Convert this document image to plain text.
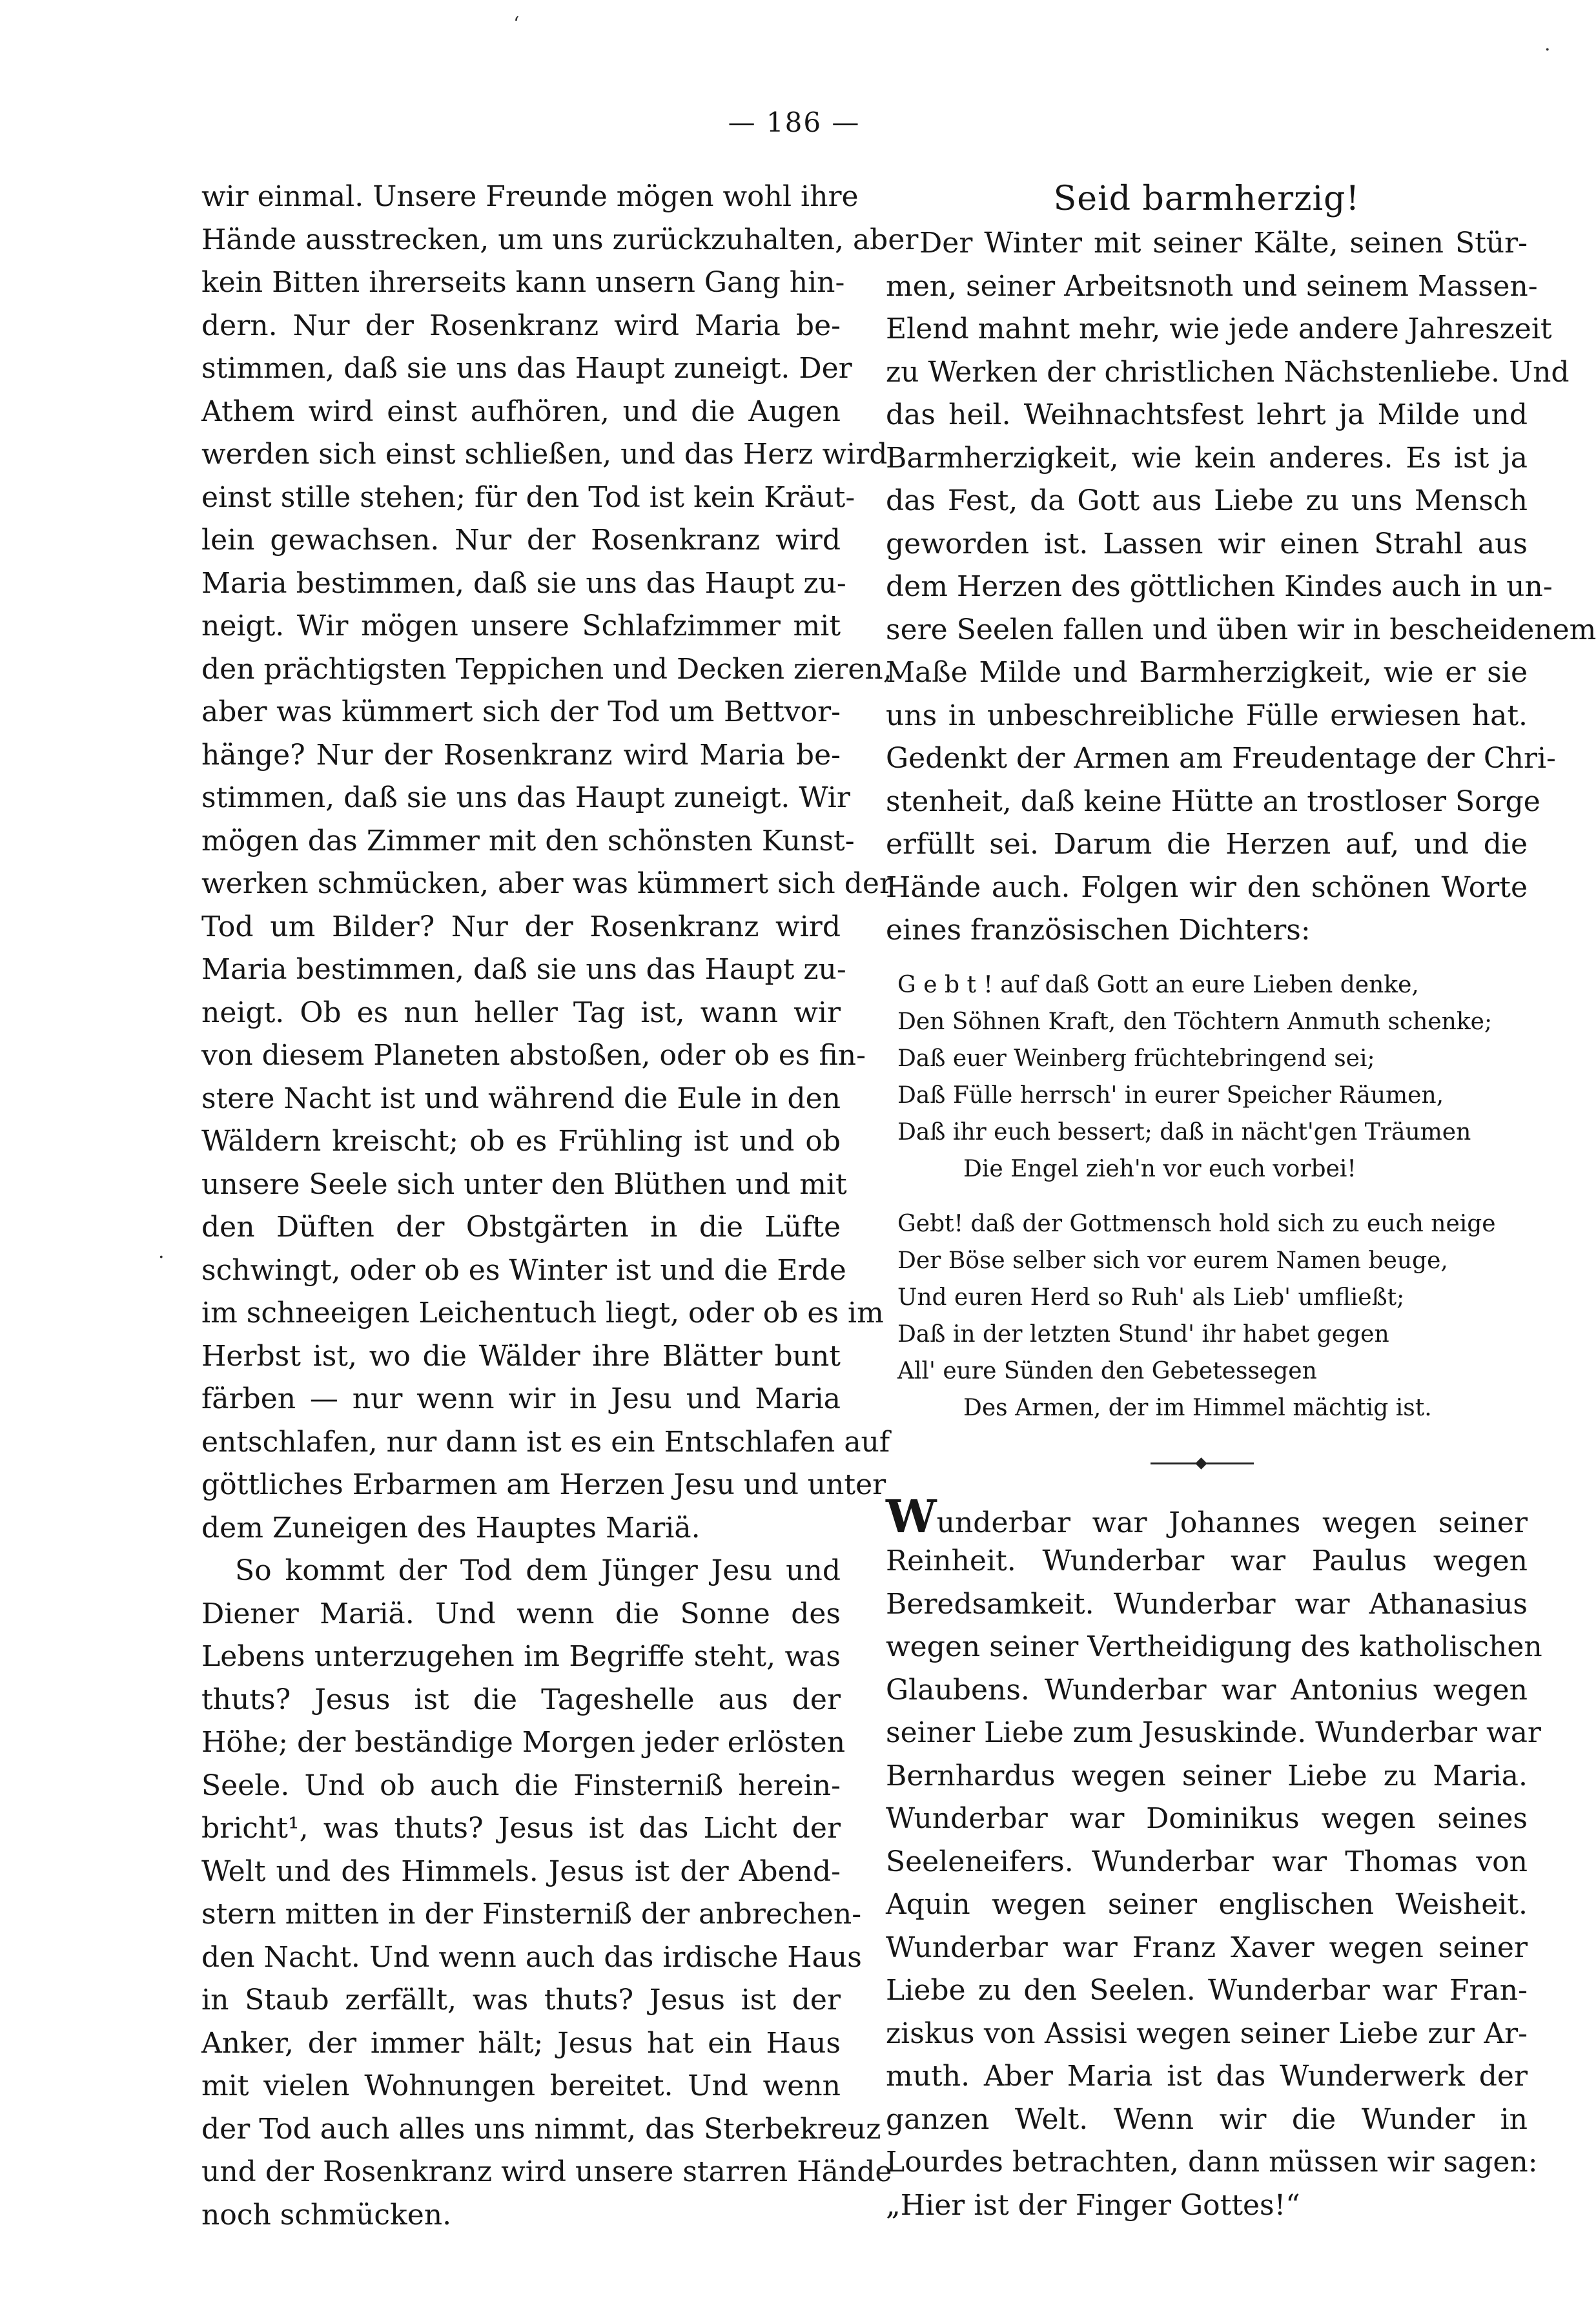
— 186 —
‘
·
·
wir einmal. Unsere Freunde mögen wohl ihre
Hände ausstrecken, um uns zurückzuhalten, aber
kein Bitten ihrerseits kann unsern Gang hin-
dern. Nur der Rosenkranz wird Maria be-
stimmen, daß sie uns das Haupt zuneigt. Der
Athem wird einst aufhören, und die Augen
werden sich einst schließen, und das Herz wird
einst stille stehen; für den Tod ist kein Kräut-
lein gewachsen. Nur der Rosenkranz wird
Maria bestimmen, daß sie uns das Haupt zu-
neigt. Wir mögen unsere Schlafzimmer mit
den prächtigsten Teppichen und Decken zieren,
aber was kümmert sich der Tod um Bettvor-
hänge? Nur der Rosenkranz wird Maria be-
stimmen, daß sie uns das Haupt zuneigt. Wir
mögen das Zimmer mit den schönsten Kunst-
werken schmücken, aber was kümmert sich der
Tod um Bilder? Nur der Rosenkranz wird
Maria bestimmen, daß sie uns das Haupt zu-
neigt. Ob es nun heller Tag ist, wann wir
von diesem Planeten abstoßen, oder ob es fin-
stere Nacht ist und während die Eule in den
Wäldern kreischt; ob es Frühling ist und ob
unsere Seele sich unter den Blüthen und mit
den Düften der Obstgärten in die Lüfte
schwingt, oder ob es Winter ist und die Erde
im schneeigen Leichentuch liegt, oder ob es im
Herbst ist, wo die Wälder ihre Blätter bunt
färben — nur wenn wir in Jesu und Maria
entschlafen, nur dann ist es ein Entschlafen auf
göttliches Erbarmen am Herzen Jesu und unter
dem Zuneigen des Hauptes Mariä.
So kommt der Tod dem Jünger Jesu und
Diener Mariä. Und wenn die Sonne des
Lebens unterzugehen im Begriffe steht, was
thuts? Jesus ist die Tageshelle aus der
Höhe; der beständige Morgen jeder erlösten
Seele. Und ob auch die Finsterniß herein-
bricht¹, was thuts? Jesus ist das Licht der
Welt und des Himmels. Jesus ist der Abend-
stern mitten in der Finsterniß der anbrechen-
den Nacht. Und wenn auch das irdische Haus
in Staub zerfällt, was thuts? Jesus ist der
Anker, der immer hält; Jesus hat ein Haus
mit vielen Wohnungen bereitet. Und wenn
der Tod auch alles uns nimmt, das Sterbekreuz
und der Rosenkranz wird unsere starren Hände
noch schmücken.
Seid barmherzig!
Der Winter mit seiner Kälte, seinen Stür-
men, seiner Arbeitsnoth und seinem Massen-
Elend mahnt mehr, wie jede andere Jahreszeit
zu Werken der christlichen Nächstenliebe. Und
das heil. Weihnachtsfest lehrt ja Milde und
Barmherzigkeit, wie kein anderes. Es ist ja
das Fest, da Gott aus Liebe zu uns Mensch
geworden ist. Lassen wir einen Strahl aus
dem Herzen des göttlichen Kindes auch in un-
sere Seelen fallen und üben wir in bescheidenem
Maße Milde und Barmherzigkeit, wie er sie
uns in unbeschreibliche Fülle erwiesen hat.
Gedenkt der Armen am Freudentage der Chri-
stenheit, daß keine Hütte an trostloser Sorge
erfüllt sei. Darum die Herzen auf, und die
Hände auch. Folgen wir den schönen Worte
eines französischen Dichters:
G e b t ! auf daß Gott an eure Lieben denke,
Den Söhnen Kraft, den Töchtern Anmuth schenke;
Daß euer Weinberg früchtebringend sei;
Daß Fülle herrsch' in eurer Speicher Räumen,
Daß ihr euch bessert; daß in nächt'gen Träumen
Die Engel zieh'n vor euch vorbei!
Gebt! daß der Gottmensch hold sich zu euch neige
Der Böse selber sich vor eurem Namen beuge,
Und euren Herd so Ruh' als Lieb' umfließt;
Daß in der letzten Stund' ihr habet gegen
All' eure Sünden den Gebetessegen
Des Armen, der im Himmel mächtig ist.
Wunderbar war Johannes wegen seiner
Reinheit. Wunderbar war Paulus wegen
Beredsamkeit. Wunderbar war Athanasius
wegen seiner Vertheidigung des katholischen
Glaubens. Wunderbar war Antonius wegen
seiner Liebe zum Jesuskinde. Wunderbar war
Bernhardus wegen seiner Liebe zu Maria.
Wunderbar war Dominikus wegen seines
Seeleneifers. Wunderbar war Thomas von
Aquin wegen seiner englischen Weisheit.
Wunderbar war Franz Xaver wegen seiner
Liebe zu den Seelen. Wunderbar war Fran-
ziskus von Assisi wegen seiner Liebe zur Ar-
muth. Aber Maria ist das Wunderwerk der
ganzen Welt. Wenn wir die Wunder in
Lourdes betrachten, dann müssen wir sagen:
„Hier ist der Finger Gottes!“
